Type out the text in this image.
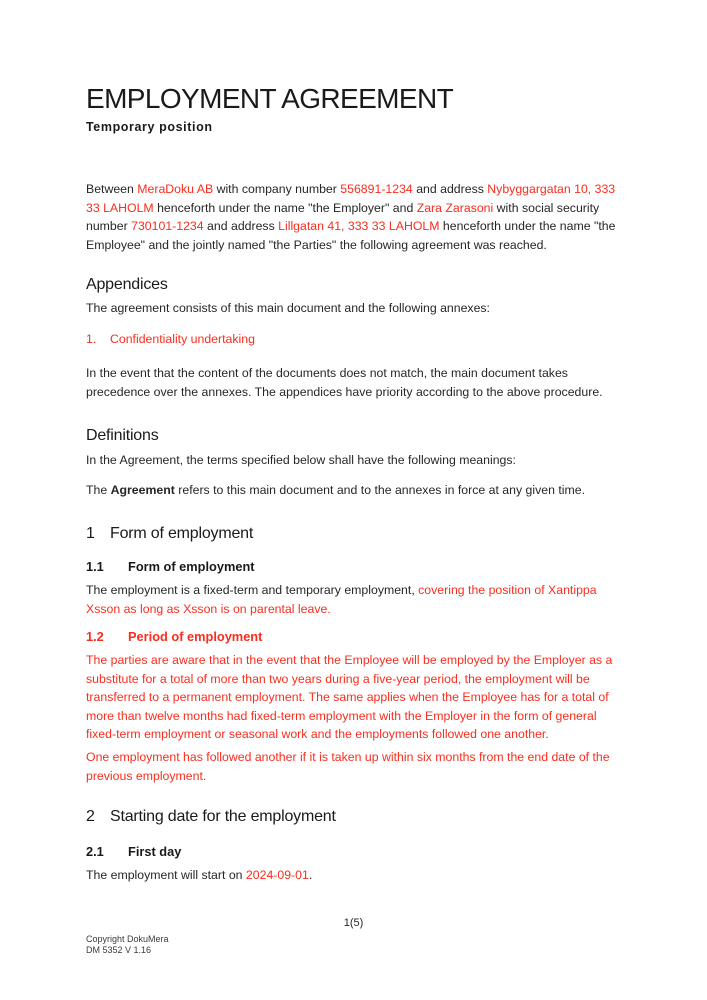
EMPLOYMENT AGREEMENT
Temporary position

Between MeraDoku AB with company number 556891-1234 and address Nybyggargatan 10, 333 33 LAHOLM henceforth under the name "the Employer" and Zara Zarasoni with social security number 730101-1234 and address Lillgatan 41, 333 33 LAHOLM henceforth under the name "the Employee" and the jointly named "the Parties" the following agreement was reached.

Appendices

The agreement consists of this main document and the following annexes:

1. Confidentiality undertaking

In the event that the content of the documents does not match, the main document takes precedence over the annexes. The appendices have priority according to the above procedure.

Definitions

In the Agreement, the terms specified below shall have the following meanings:

The Agreement refers to this main document and to the annexes in force at any given time.

1 Form of employment
1.1 Form of employment

The employment is a fixed-term and temporary employment, covering the position of Xantippa Xsson as long as Xsson is on parental leave.

1.2 Period of employment

The parties are aware that in the event that the Employee will be employed by the Employer as a substitute for a total of more than two years during a five-year period, the employment will be transferred to a permanent employment. The same applies when the Employee has for a total of more than twelve months had fixed-term employment with the Employer in the form of general fixed-term employment or seasonal work and the employments followed one another.

One employment has followed another if it is taken up within six months from the end date of the previous employment.

2 Starting date for the employment
2.1 First day

The employment will start on 2024-09-01.

1(5)
Copyright DokuMera
DM 5352 V 1.16
